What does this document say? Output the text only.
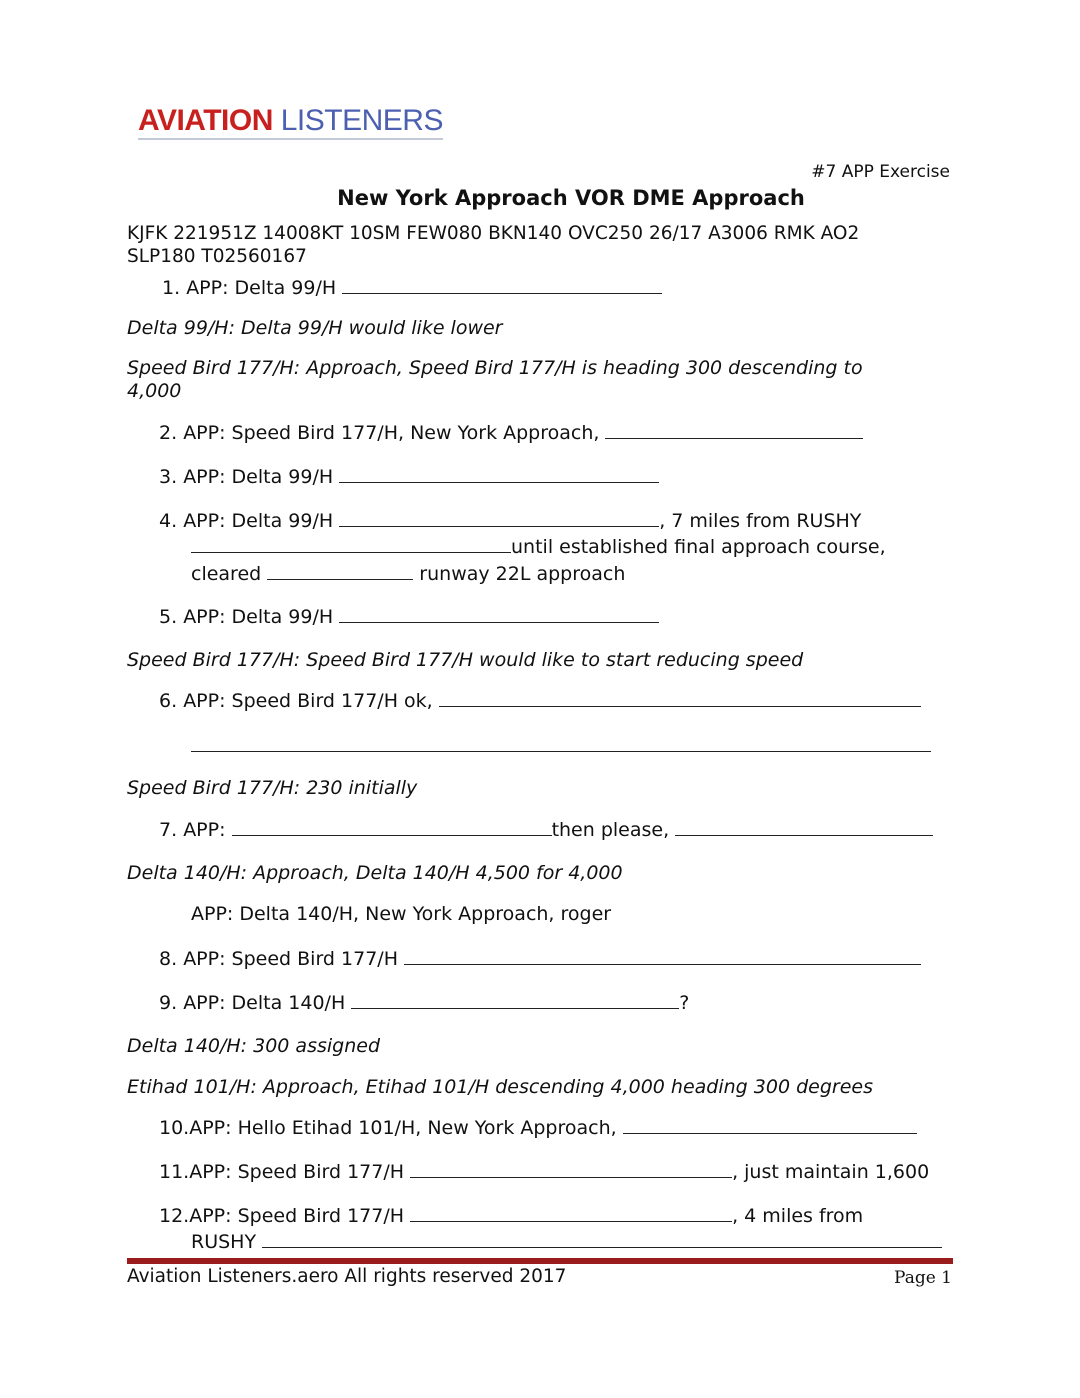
AVIATION LISTENERS
#7 APP Exercise
New York Approach VOR DME Approach
KJFK 221951Z 14008KT 10SM FEW080 BKN140 OVC250 26/17 A3006 RMK AO2 SLP180 T02560167
1. APP: Delta 99/H
Delta 99/H: Delta 99/H would like lower
Speed Bird 177/H: Approach, Speed Bird 177/H is heading 300 descending to 4,000
2. APP: Speed Bird 177/H, New York Approach,
3. APP: Delta 99/H
4. APP: Delta 99/H	, 7 miles from RUSHY
until established final approach course,
cleared	runway 22L approach
5. APP: Delta 99/H
Speed Bird 177/H: Speed Bird 177/H would like to start reducing speed
6. APP: Speed Bird 177/H ok,
Speed Bird 177/H: 230 initially
7. APP:	then please,
Delta 140/H: Approach, Delta 140/H 4,500 for 4,000
APP: Delta 140/H, New York Approach, roger
8. APP: Speed Bird 177/H
9. APP: Delta 140/H	?
Delta 140/H: 300 assigned
Etihad 101/H: Approach, Etihad 101/H descending 4,000 heading 300 degrees
10.APP: Hello Etihad 101/H, New York Approach,
11.APP: Speed Bird 177/H	, just maintain 1,600
12.APP: Speed Bird 177/H	, 4 miles from
RUSHY
Aviation Listeners.aero All rights reserved 2017	Page 1
